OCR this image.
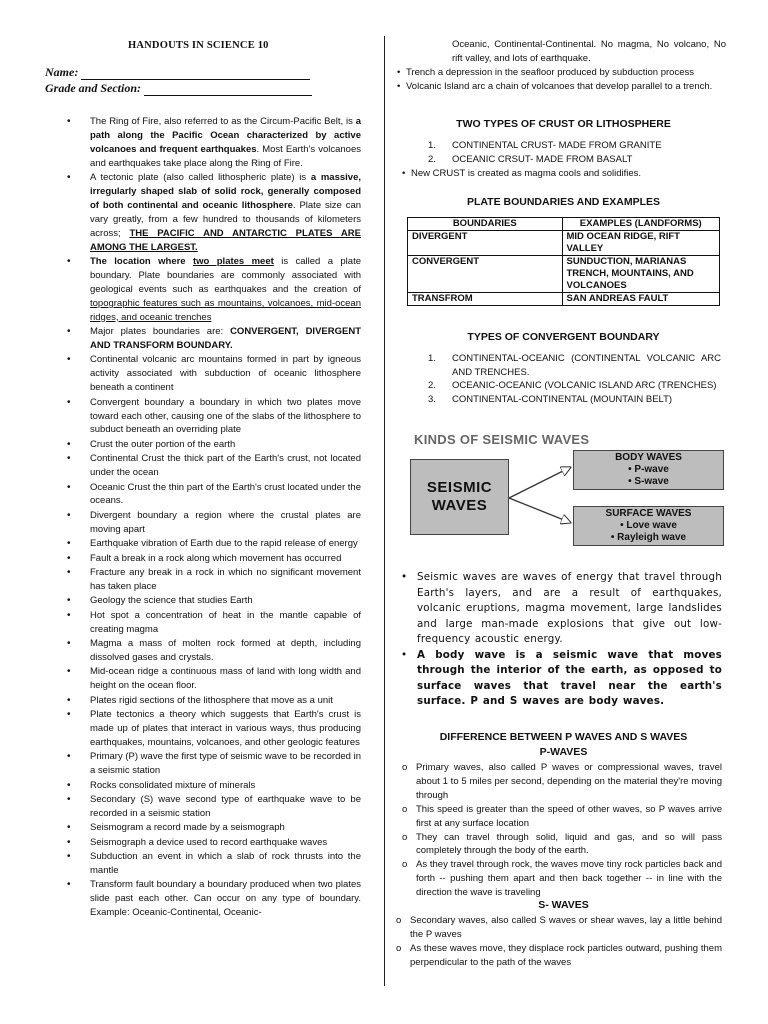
HANDOUTS IN SCIENCE 10
Name:
Grade and Section:
• The Ring of Fire, also referred to as the Circum-Pacific Belt, is a path along the Pacific Ocean characterized by active volcanoes and frequent earthquakes. Most Earth's volcanoes and earthquakes take place along the Ring of Fire.
• A tectonic plate (also called lithospheric plate) is a massive, irregularly shaped slab of solid rock, generally composed of both continental and oceanic lithosphere. Plate size can vary greatly, from a few hundred to thousands of kilometers across; THE PACIFIC AND ANTARCTIC PLATES ARE AMONG THE LARGEST.
• The location where two plates meet is called a plate boundary. Plate boundaries are commonly associated with geological events such as earthquakes and the creation of topographic features such as mountains, volcanoes, mid-ocean ridges, and oceanic trenches
• Major plates boundaries are: CONVERGENT, DIVERGENT AND TRANSFORM BOUNDARY.
• Continental volcanic arc mountains formed in part by igneous activity associated with subduction of oceanic lithosphere beneath a continent
• Convergent boundary a boundary in which two plates move toward each other, causing one of the slabs of the lithosphere to subduct beneath an overriding plate
• Crust the outer portion of the earth
• Continental Crust the thick part of the Earth's crust, not located under the ocean
• Oceanic Crust the thin part of the Earth's crust located under the oceans.
• Divergent boundary a region where the crustal plates are moving apart
• Earthquake vibration of Earth due to the rapid release of energy
• Fault a break in a rock along which movement has occurred
• Fracture any break in a rock in which no significant movement has taken place
• Geology the science that studies Earth
• Hot spot a concentration of heat in the mantle capable of creating magma
• Magma a mass of molten rock formed at depth, including dissolved gases and crystals.
• Mid-ocean ridge a continuous mass of land with long width and height on the ocean floor.
• Plates rigid sections of the lithosphere that move as a unit
• Plate tectonics a theory which suggests that Earth's crust is made up of plates that interact in various ways, thus producing earthquakes, mountains, volcanoes, and other geologic features
• Primary (P) wave the first type of seismic wave to be recorded in a seismic station
• Rocks consolidated mixture of minerals
• Secondary (S) wave second type of earthquake wave to be recorded in a seismic station
• Seismogram a record made by a seismograph
• Seismograph a device used to record earthquake waves
• Subduction an event in which a slab of rock thrusts into the mantle
• Transform fault boundary a boundary produced when two plates slide past each other. Can occur on any type of boundary. Example: Oceanic-Continental, Oceanic-
Oceanic, Continental-Continental. No magma, No volcano, No rift valley, and lots of earthquake.
• Trench a depression in the seafloor produced by subduction process
• Volcanic Island arc a chain of volcanoes that develop parallel to a trench.
TWO TYPES OF CRUST OR LITHOSPHERE
1. CONTINENTAL CRUST- MADE FROM GRANITE
2. OCEANIC CRSUT- MADE FROM BASALT
• New CRUST is created as magma cools and solidifies.
PLATE BOUNDARIES AND EXAMPLES
BOUNDARIES	EXAMPLES (LANDFORMS)
DIVERGENT	MID OCEAN RIDGE, RIFT VALLEY
CONVERGENT	SUNDUCTION, MARIANAS TRENCH, MOUNTAINS, AND VOLCANOES
TRANSFROM	SAN ANDREAS FAULT
TYPES OF CONVERGENT BOUNDARY
1. CONTINENTAL-OCEANIC (CONTINENTAL VOLCANIC ARC AND TRENCHES.
2. OCEANIC-OCEANIC (VOLCANIC ISLAND ARC (TRENCHES)
3. CONTINENTAL-CONTINENTAL (MOUNTAIN BELT)
KINDS OF SEISMIC WAVES
SEISMIC
WAVES
BODY WAVES
• P-wave
• S-wave
SURFACE WAVES
• Love wave
• Rayleigh wave
• Seismic waves are waves of energy that travel through Earth's layers, and are a result of earthquakes, volcanic eruptions, magma movement, large landslides and large man-made explosions that give out low-frequency acoustic energy.
• A body wave is a seismic wave that moves through the interior of the earth, as opposed to surface waves that travel near the earth's surface. P and S waves are body waves.
DIFFERENCE BETWEEN P WAVES AND S WAVES
P-WAVES
o Primary waves, also called P waves or compressional waves, travel about 1 to 5 miles per second, depending on the material they're moving through
o This speed is greater than the speed of other waves, so P waves arrive first at any surface location
o They can travel through solid, liquid and gas, and so will pass completely through the body of the earth.
o As they travel through rock, the waves move tiny rock particles back and forth -- pushing them apart and then back together -- in line with the direction the wave is traveling
S- WAVES
o Secondary waves, also called S waves or shear waves, lay a little behind the P waves
o As these waves move, they displace rock particles outward, pushing them perpendicular to the path of the waves
